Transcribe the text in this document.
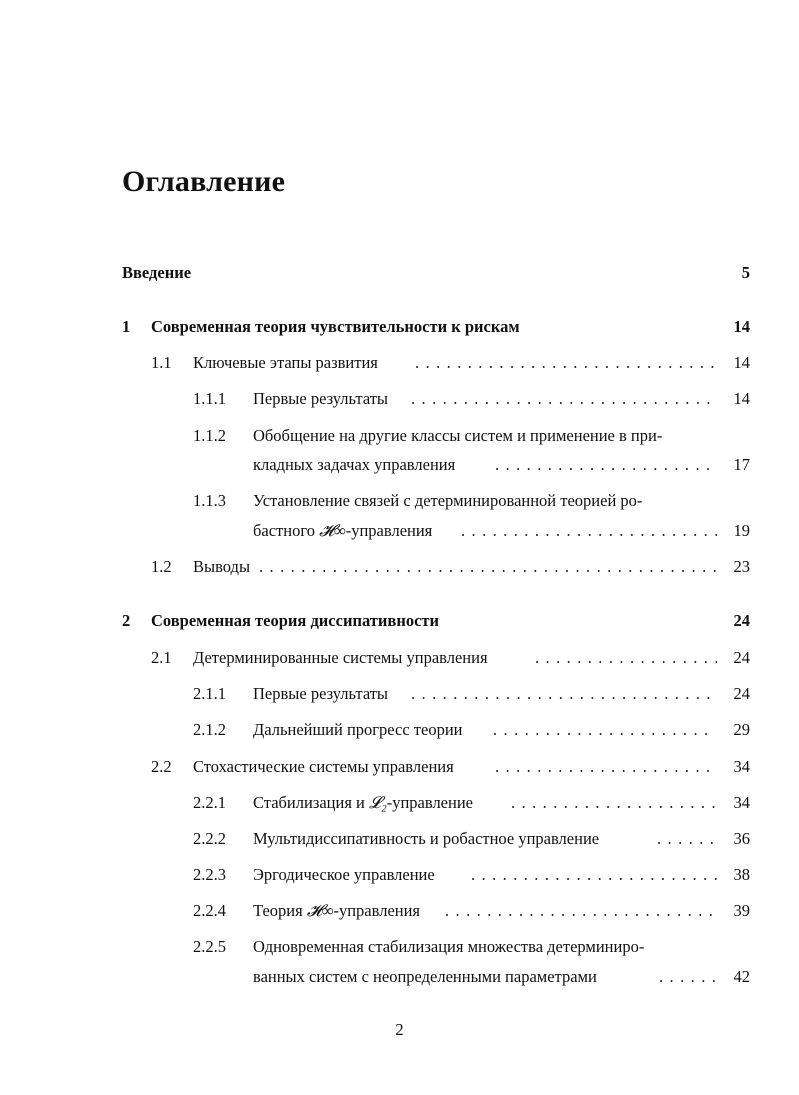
Оглавление
Введение	5
1 Современная теория чувствительности к рискам	14
1.1 Ключевые этапы развития . . .	14
1.1.1 Первые результаты . . .	14
1.1.2 Обобщение на другие классы систем и применение в при-
кладных задачах управления . . .	17
1.1.3 Установление связей с детерминированной теорией ро-
бастного 𝓗∞-управления . . .	19
1.2 Выводы . . .	23
2 Современная теория диссипативности	24
2.1 Детерминированные системы управления . . .	24
2.1.1 Первые результаты . . .	24
2.1.2 Дальнейший прогресс теории . . .	29
2.2 Стохастические системы управления . . .	34
2.2.1 Стабилизация и 𝓛₂-управление . . .	34
2.2.2 Мультидиссипативность и робастное управление . . .	36
2.2.3 Эргодическое управление . . .	38
2.2.4 Теория 𝓗∞-управления . . .	39
2.2.5 Одновременная стабилизация множества детерминиро-
ванных систем с неопределенными параметрами . . .	42
2
